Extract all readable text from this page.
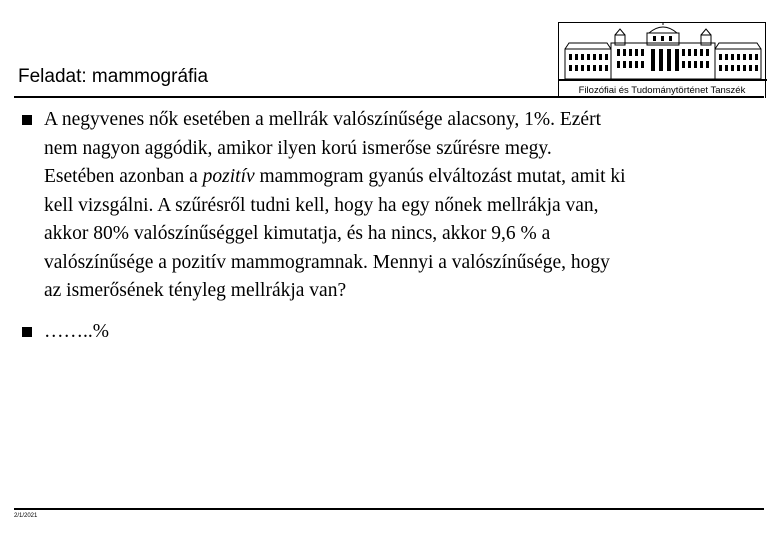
Feladat: mammográfia
Filozófiai és Tudománytörténet Tanszék
A negyvenes nők esetében a mellrák valószínűsége alacsony, 1%. Ezért
nem nagyon aggódik, amikor ilyen korú ismerőse szűrésre megy.
Esetében azonban a pozitív mammogram gyanús elváltozást mutat, amit ki
kell vizsgálni. A szűrésről tudni kell, hogy ha egy nőnek mellrákja van,
akkor 80% valószínűséggel kimutatja, és ha nincs, akkor 9,6 % a
valószínűsége a pozitív mammogramnak. Mennyi a valószínűsége, hogy
az ismerősének tényleg mellrákja van?
……..%
2/1/2021
